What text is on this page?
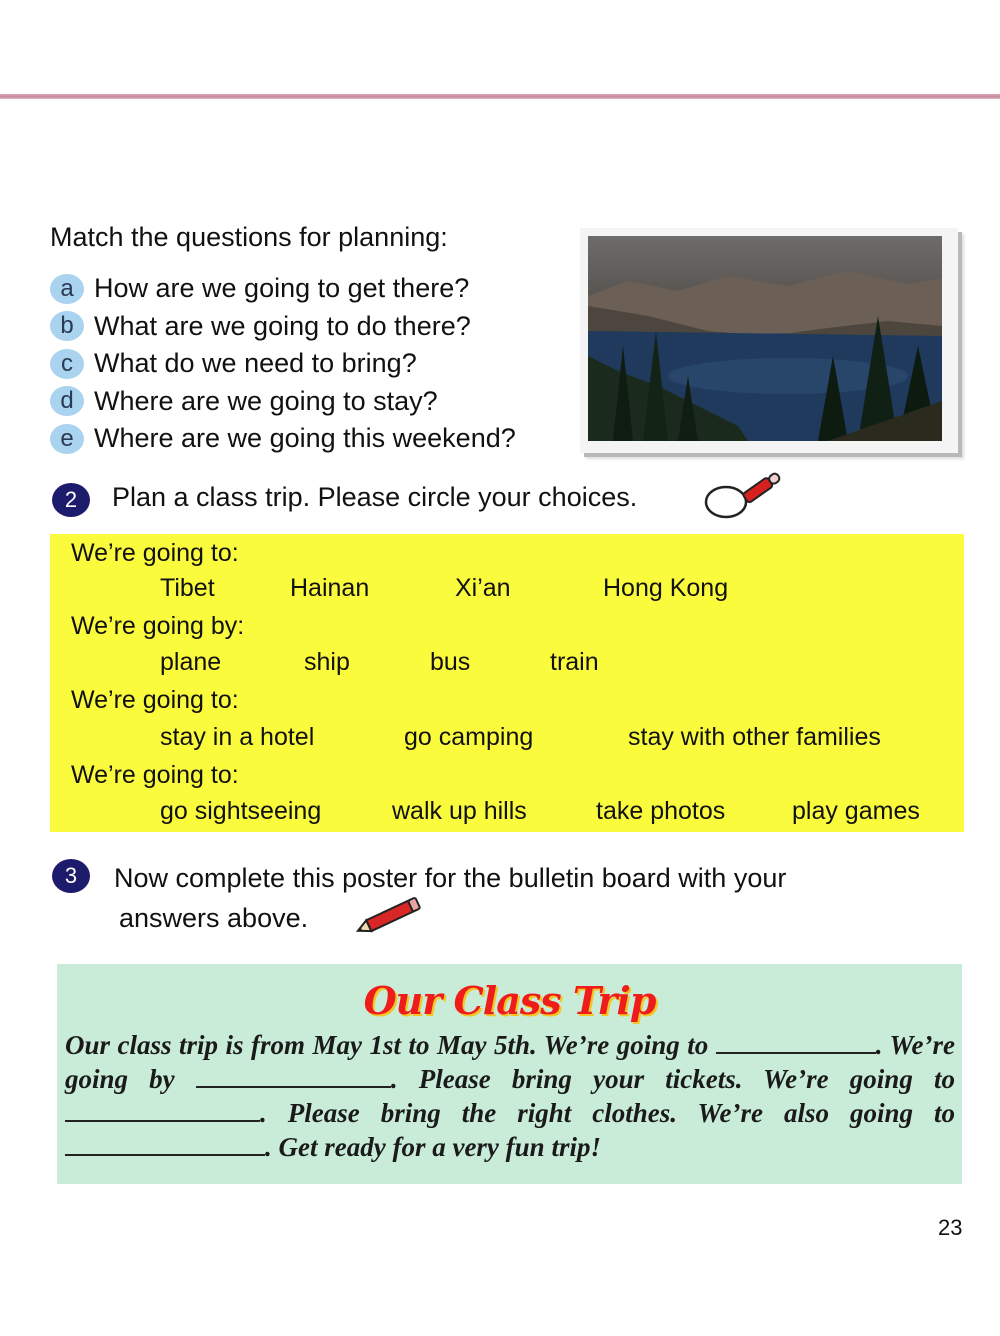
Match the questions for planning:
a How are we going to get there?
b What are we going to do there?
c What do we need to bring?
d Where are we going to stay?
e Where are we going this weekend?
2	Plan a class trip. Please circle your choices.
We’re going to:
Tibet	Hainan	Xi’an	Hong Kong
We’re going by:
plane	ship	bus	train
We’re going to:
stay in a hotel	go camping	stay with other families
We’re going to:
go sightseeing	walk up hills	take photos	play games
3	Now complete this poster for the bulletin board with your
answers above.
Our Class Trip

Our class trip is from May 1st to May 5th. We’re going to	. We’re going by	. Please bring your tickets. We’re going to . Please bring the right clothes. We’re also going to . Get ready for a very fun trip!

23
